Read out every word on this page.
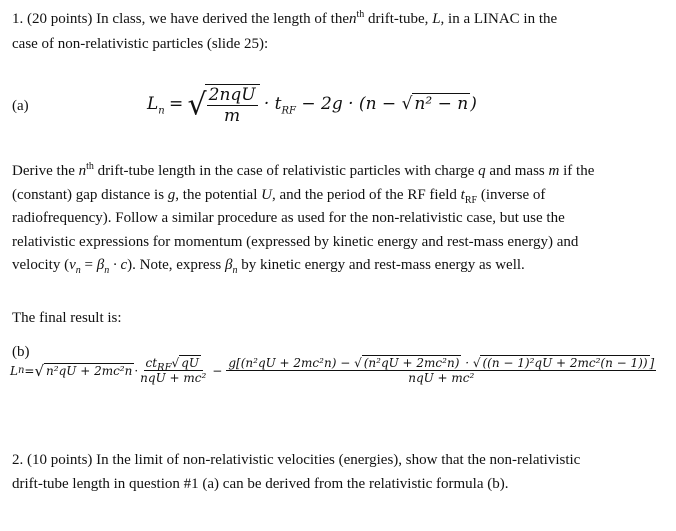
1. (20 points) In class, we have derived the length of then$^{th}$ drift-tube, L, in a LINAC in the
case of non-relativistic particles (slide 25):
(a)	$L_n$ = √
$\frac{\text{2nqU}}{m} \cdot t_{RF} - 2g \cdot (n$ − √ n² − n )
Derive the $n^{th}$ drift-tube length in the case of relativistic particles with charge q and mass m if the
(constant) gap distance is g, the potential U, and the period of the RF field $t_{RF}$ (inverse of
radiofrequency). Follow a similar procedure as used for the non-relativistic case, but use the
relativistic expressions for momentum (expressed by kinetic energy and rest-mass energy) and
velocity $(v_n = \beta_n \cdot c)$. Note, express $\beta_n$ by kinetic energy and rest-mass energy as well.
The final result is:
(b)
L n = √ $n^2qU + 2mc^2n \cdot \frac{ct_{RF}√ qU}{\text{nqU + mc²}}$ −
g[(n²qU + 2mc²n) − √ (n²qU + 2mc²n) · √ ((n − 1)²qU + 2mc²(n − 1)) ]
nqU + mc²
2. (10 points) In the limit of non-relativistic velocities (energies), show that the non-relativistic
drift-tube length in question #1 (a) can be derived from the relativistic formula (b).
